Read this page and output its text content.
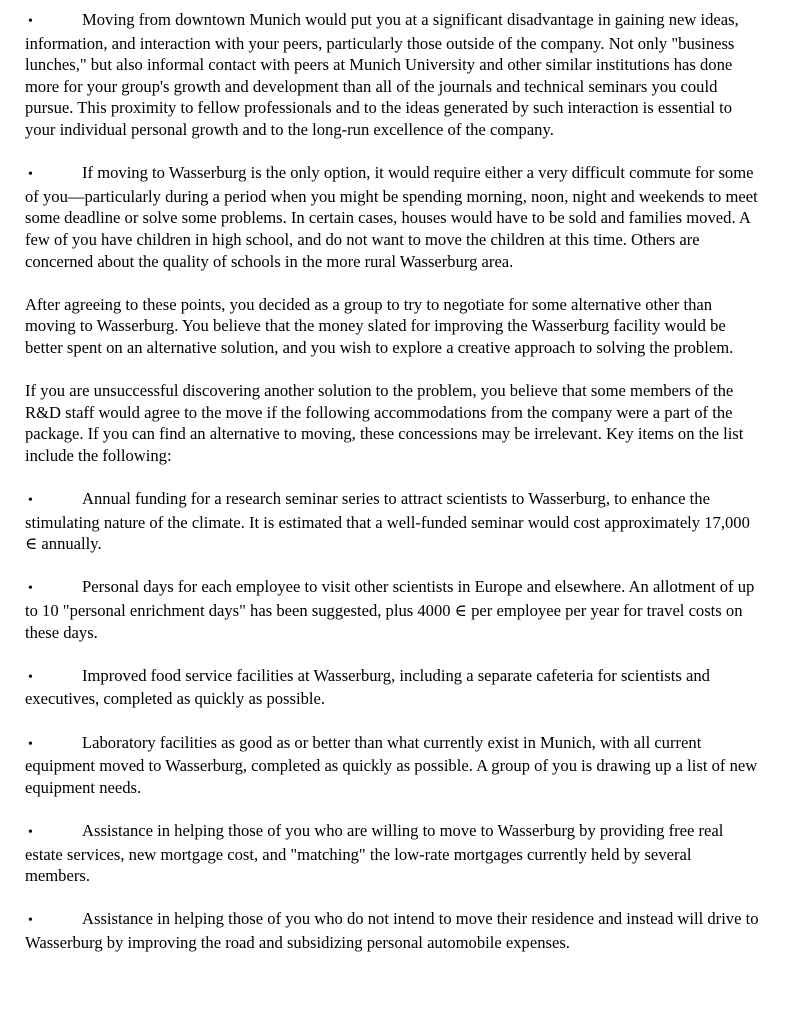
•	Moving from downtown Munich would put you at a significant disadvantage in gaining new ideas, information, and interaction with your peers, particularly those outside of the company. Not only "business lunches," but also informal contact with peers at Munich University and other similar institutions has done more for your group's growth and development than all of the journals and technical seminars you could pursue. This proximity to fellow professionals and to the ideas generated by such interaction is essential to your individual personal growth and to the long-run excellence of the company.

•	If moving to Wasserburg is the only option, it would require either a very difficult commute for some of you—particularly during a period when you might be spending morning, noon, night and weekends to meet some deadline or solve some problems. In certain cases, houses would have to be sold and families moved. A few of you have children in high school, and do not want to move the children at this time. Others are concerned about the quality of schools in the more rural Wasserburg area.

After agreeing to these points, you decided as a group to try to negotiate for some alternative other than moving to Wasserburg. You believe that the money slated for improving the Wasserburg facility would be better spent on an alternative solution, and you wish to explore a creative approach to solving the problem.

If you are unsuccessful discovering another solution to the problem, you believe that some members of the R&D staff would agree to the move if the following accommodations from the company were a part of the package. If you can find an alternative to moving, these concessions may be irrelevant. Key items on the list include the following:

•	Annual funding for a research seminar series to attract scientists to Wasserburg, to enhance the stimulating nature of the climate. It is estimated that a well-funded seminar would cost approximately 17,000 ∈ annually.

•	Personal days for each employee to visit other scientists in Europe and elsewhere. An allotment of up to 10 "personal enrichment days" has been suggested, plus 4000 ∈ per employee per year for travel costs on these days.

•	Improved food service facilities at Wasserburg, including a separate cafeteria for scientists and executives, completed as quickly as possible.

•	Laboratory facilities as good as or better than what currently exist in Munich, with all current equipment moved to Wasserburg, completed as quickly as possible. A group of you is drawing up a list of new equipment needs.

•	Assistance in helping those of you who are willing to move to Wasserburg by providing free real estate services, new mortgage cost, and "matching" the low-rate mortgages currently held by several members.

•	Assistance in helping those of you who do not intend to move their residence and instead will drive to Wasserburg by improving the road and subsidizing personal automobile expenses.
